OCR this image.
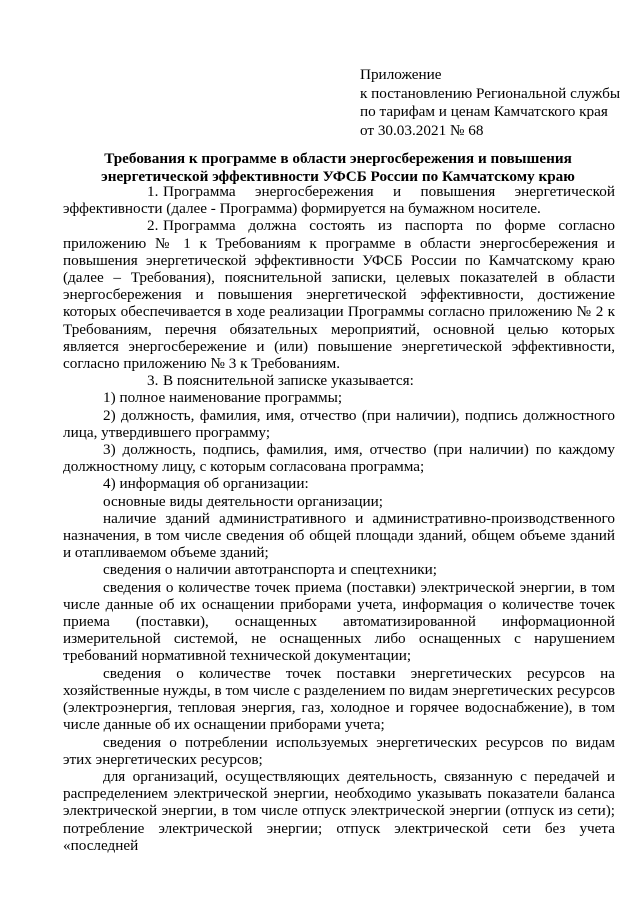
Приложение
к постановлению Региональной службы
по тарифам и ценам Камчатского края
от 30.03.2021 № 68
Требования к программе в области энергосбережения и повышения энергетической эффективности УФСБ России по Камчатскому краю

1. Программа энергосбережения и повышения энергетической эффективности (далее - Программа) формируется на бумажном носителе.

2. Программа должна состоять из паспорта по форме согласно приложению № 1 к Требованиям к программе в области энергосбережения и повышения энергетической эффективности УФСБ России по Камчатскому краю (далее – Требования), пояснительной записки, целевых показателей в области энергосбережения и повышения энергетической эффективности, достижение которых обеспечивается в ходе реализации Программы согласно приложению № 2 к Требованиям, перечня обязательных мероприятий, основной целью которых является энергосбережение и (или) повышение энергетической эффективности, согласно приложению № 3 к Требованиям.

3. В пояснительной записке указывается:

1) полное наименование программы;

2) должность, фамилия, имя, отчество (при наличии), подпись должностного лица, утвердившего программу;

3) должность, подпись, фамилия, имя, отчество (при наличии) по каждому должностному лицу, с которым согласована программа;

4) информация об организации:

основные виды деятельности организации;

наличие зданий административного и административно-производственного назначения, в том числе сведения об общей площади зданий, общем объеме зданий и отапливаемом объеме зданий;

сведения о наличии автотранспорта и спецтехники;

сведения о количестве точек приема (поставки) электрической энергии, в том числе данные об их оснащении приборами учета, информация о количестве точек приема (поставки), оснащенных автоматизированной информационной измерительной системой, не оснащенных либо оснащенных с нарушением требований нормативной технической документации;

сведения о количестве точек поставки энергетических ресурсов на хозяйственные нужды, в том числе с разделением по видам энергетических ресурсов (электроэнергия, тепловая энергия, газ, холодное и горячее водоснабжение), в том числе данные об их оснащении приборами учета;

сведения о потреблении используемых энергетических ресурсов по видам этих энергетических ресурсов;

для организаций, осуществляющих деятельность, связанную с передачей и распределением электрической энергии, необходимо указывать показатели баланса электрической энергии, в том числе отпуск электрической энергии (отпуск из сети); потребление электрической энергии; отпуск электрической сети без учета «последней
